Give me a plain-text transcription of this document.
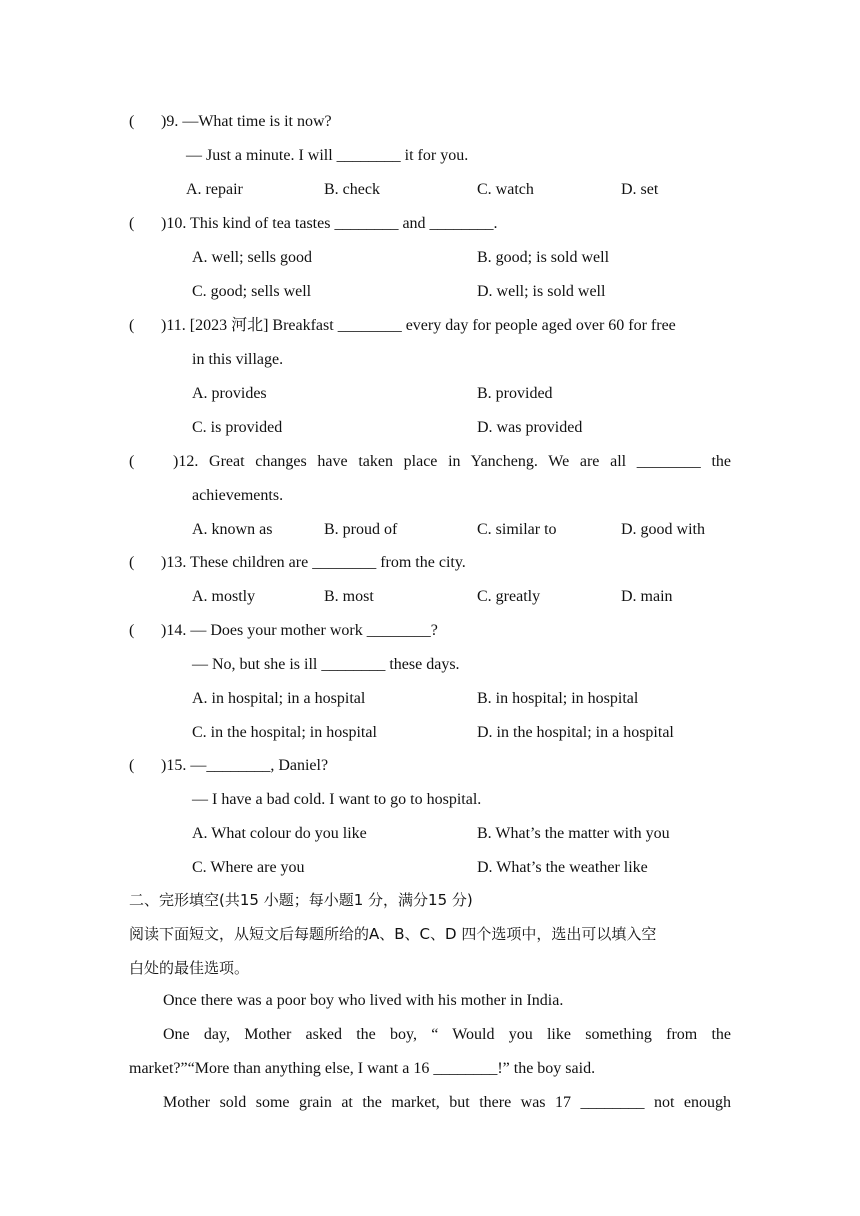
( )9. —What time is it now?
— Just a minute. I will ________ it for you.
A. repair	B. check	C. watch	D. set
( )10. This kind of tea tastes ________ and ________.
A. well; sells good	B. good; is sold well
C. good; sells well	D. well; is sold well
( )11. [2023 河北] Breakfast ________ every day for people aged over 60 for free
in this village.
A. provides	B. provided
C. is provided	D. was provided
( )12. Great changes have taken place in Yancheng. We are all ________ the
achievements.
A. known as	B. proud of	C. similar to	D. good with
( )13. These children are ________ from the city.
A. mostly	B. most	C. greatly	D. main
( )14. — Does your mother work ________?
— No, but she is ill ________ these days.
A. in hospital; in a hospital	B. in hospital; in hospital
C. in the hospital; in hospital	D. in the hospital; in a hospital
( )15. —________, Daniel?
— I have a bad cold. I want to go to hospital.
A. What colour do you like	B. What’s the matter with you
C. Where are you	D. What’s the weather like
二、完形填空(共15 小题；每小题1 分，满分15 分)
阅读下面短文，从短文后每题所给的A、B、C、D 四个选项中，选出可以填入空
白处的最佳选项。
Once there was a poor boy who lived with his mother in India.
One day, Mother asked the boy, “ Would you like something from the
market?”“More than anything else, I want a 16 ________!” the boy said.
Mother sold some grain at the market, but there was 17 ________ not enough
